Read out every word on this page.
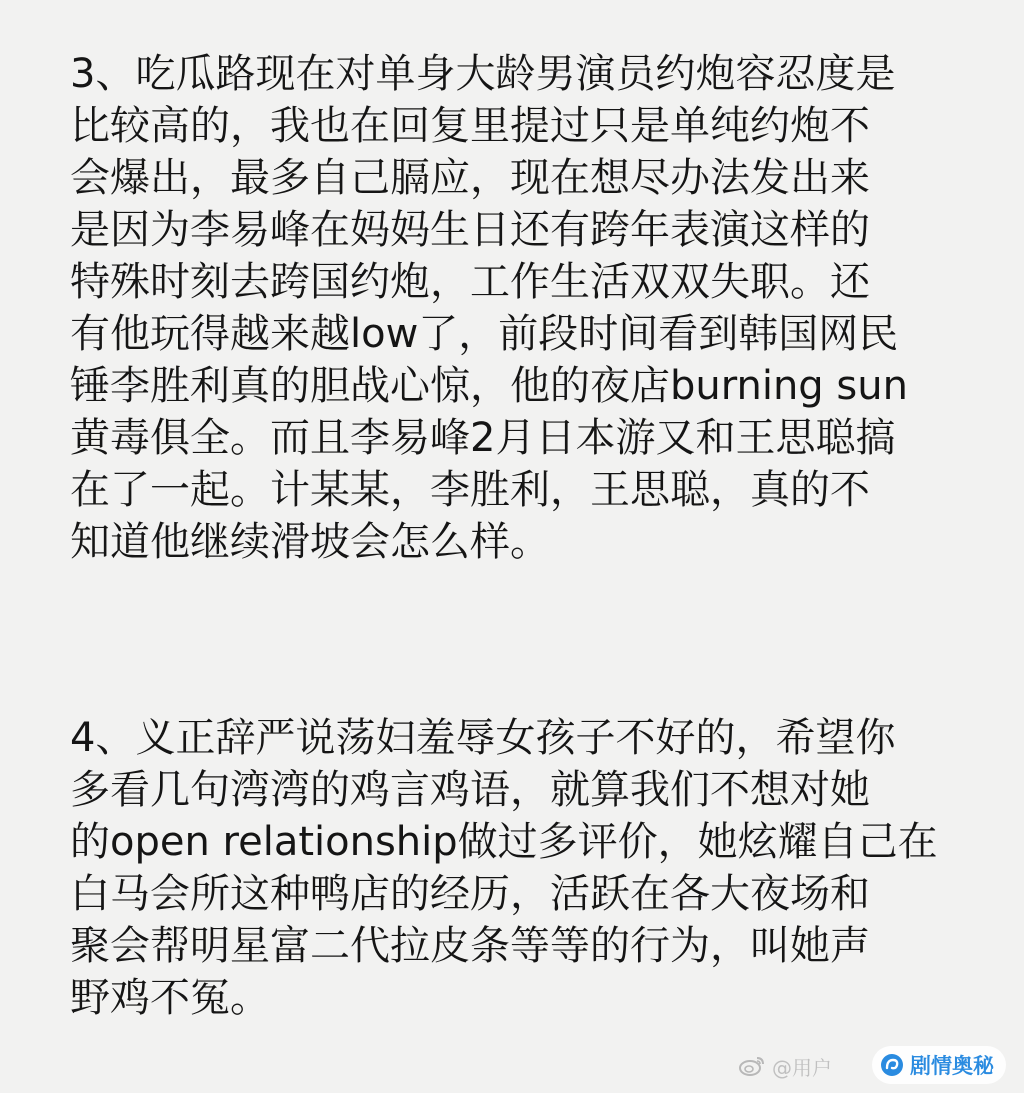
3、吃瓜路现在对单身大龄男演员约炮容忍度是
比较高的，我也在回复里提过只是单纯约炮不
会爆出，最多自己膈应，现在想尽办法发出来
是因为李易峰在妈妈生日还有跨年表演这样的
特殊时刻去跨国约炮，工作生活双双失职。还
有他玩得越来越low了，前段时间看到韩国网民
锤李胜利真的胆战心惊，他的夜店burning sun
黄毒俱全。而且李易峰2月日本游又和王思聪搞
在了一起。计某某，李胜利，王思聪，真的不
知道他继续滑坡会怎么样。
4、义正辞严说荡妇羞辱女孩子不好的，希望你
多看几句湾湾的鸡言鸡语，就算我们不想对她
的open relationship做过多评价，她炫耀自己在
白马会所这种鸭店的经历，活跃在各大夜场和
聚会帮明星富二代拉皮条等等的行为，叫她声
野鸡不冤。
@用户	剧情奥秘
